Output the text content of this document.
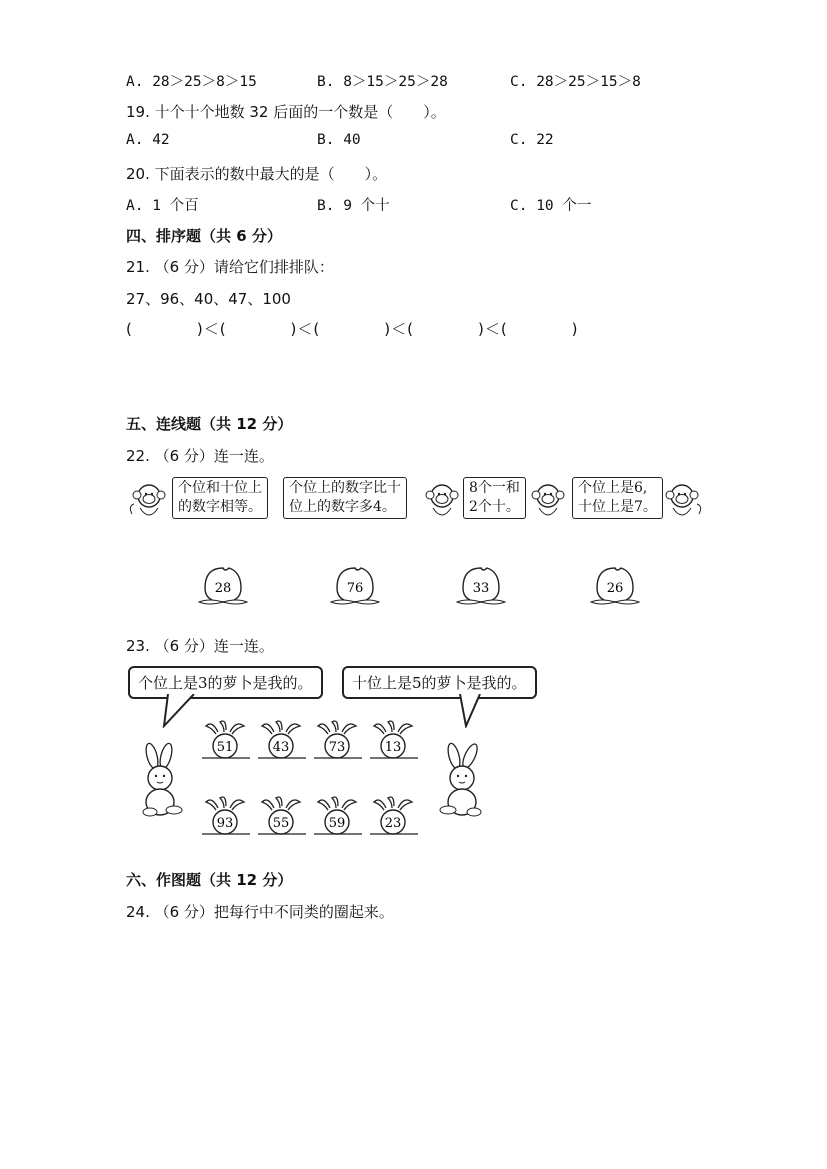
A. 28＞25＞8＞15	B. 8＞15＞25＞28	C. 28＞25＞15＞8
19. 十个十个地数 32 后面的一个数是（　　）。
A. 42	B. 40	C. 22
20. 下面表示的数中最大的是（　　）。
A. 1 个百	B. 9 个十	C. 10 个一
四、排序题（共 6 分）
21. （6 分）请给它们排排队：
27、96、40、47、100
(　　　　)＜(　　　　)＜(　　　　)＜(　　　　)＜(　　　　)
五、连线题（共 12 分）
22. （6 分）连一连。
个位和十位上
的数字相等。
个位上的数字比十
位上的数字多4。
8个一和
2个十。
个位上是6,
十位上是7。
28	76	33	26
23. （6 分）连一连。
个位上是3的萝卜是我的。	十位上是5的萝卜是我的。
51	43	73	13
93	55	59	23
六、作图题（共 12 分）
24. （6 分）把每行中不同类的圈起来。
